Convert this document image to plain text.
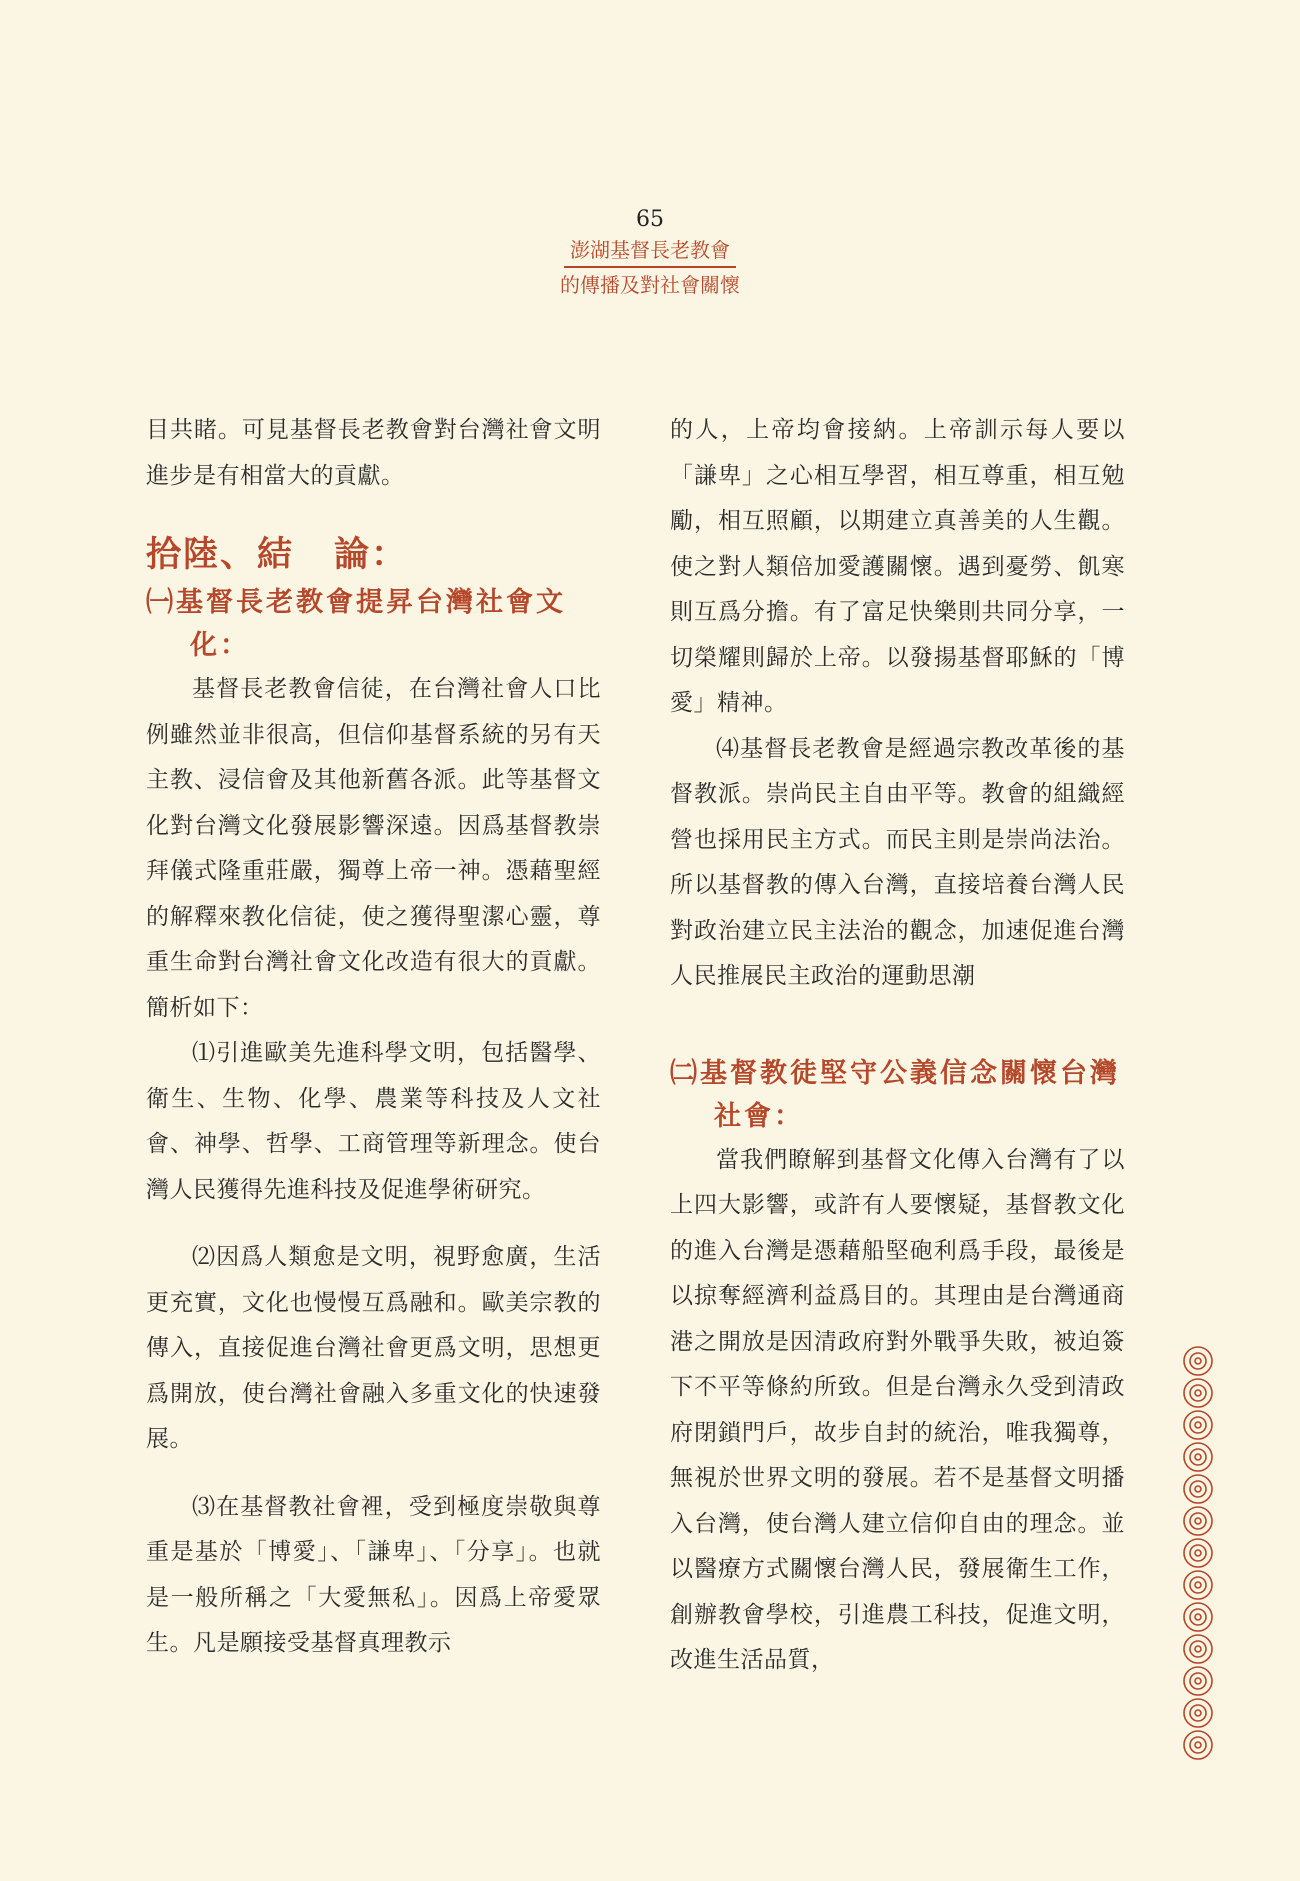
65
澎湖基督長老教會
的傳播及對社會關懷

目共睹。可見基督長老教會對台灣社會文明進步是有相當大的貢獻。

拾陸、結 論：
㈠基督長老教會提昇台灣社會文化：

基督長老教會信徒，在台灣社會人口比例雖然並非很高，但信仰基督系統的另有天主教、浸信會及其他新舊各派。此等基督文化對台灣文化發展影響深遠。因爲基督教崇拜儀式隆重莊嚴，獨尊上帝一神。憑藉聖經的解釋來教化信徒，使之獲得聖潔心靈，尊重生命對台灣社會文化改造有很大的貢獻。簡析如下：

⑴引進歐美先進科學文明，包括醫學、衛生、生物、化學、農業等科技及人文社會、神學、哲學、工商管理等新理念。使台灣人民獲得先進科技及促進學術研究。

⑵因爲人類愈是文明，視野愈廣，生活更充實，文化也慢慢互爲融和。歐美宗教的傳入，直接促進台灣社會更爲文明，思想更爲開放，使台灣社會融入多重文化的快速發展。

⑶在基督教社會裡，受到極度崇敬與尊重是基於「博愛」、「謙卑」、「分享」。也就是一般所稱之「大愛無私」。因爲上帝愛眾生。凡是願接受基督真理教示

的人，上帝均會接納。上帝訓示每人要以「謙卑」之心相互學習，相互尊重，相互勉勵，相互照顧，以期建立真善美的人生觀。使之對人類倍加愛護關懷。遇到憂勞、飢寒則互爲分擔。有了富足快樂則共同分享，一切榮耀則歸於上帝。以發揚基督耶穌的「博愛」精神。

⑷基督長老教會是經過宗教改革後的基督教派。崇尚民主自由平等。教會的組織經營也採用民主方式。而民主則是崇尚法治。所以基督教的傳入台灣，直接培養台灣人民對政治建立民主法治的觀念，加速促進台灣人民推展民主政治的運動思潮

㈡基督教徒堅守公義信念關懷台灣社會：

當我們瞭解到基督文化傳入台灣有了以上四大影響，或許有人要懷疑，基督教文化的進入台灣是憑藉船堅砲利爲手段，最後是以掠奪經濟利益爲目的。其理由是台灣通商港之開放是因清政府對外戰爭失敗，被迫簽下不平等條約所致。但是台灣永久受到清政府閉鎖門戶，故步自封的統治，唯我獨尊，無視於世界文明的發展。若不是基督文明播入台灣，使台灣人建立信仰自由的理念。並以醫療方式關懷台灣人民，發展衛生工作，創辦教會學校，引進農工科技，促進文明，改進生活品質，
